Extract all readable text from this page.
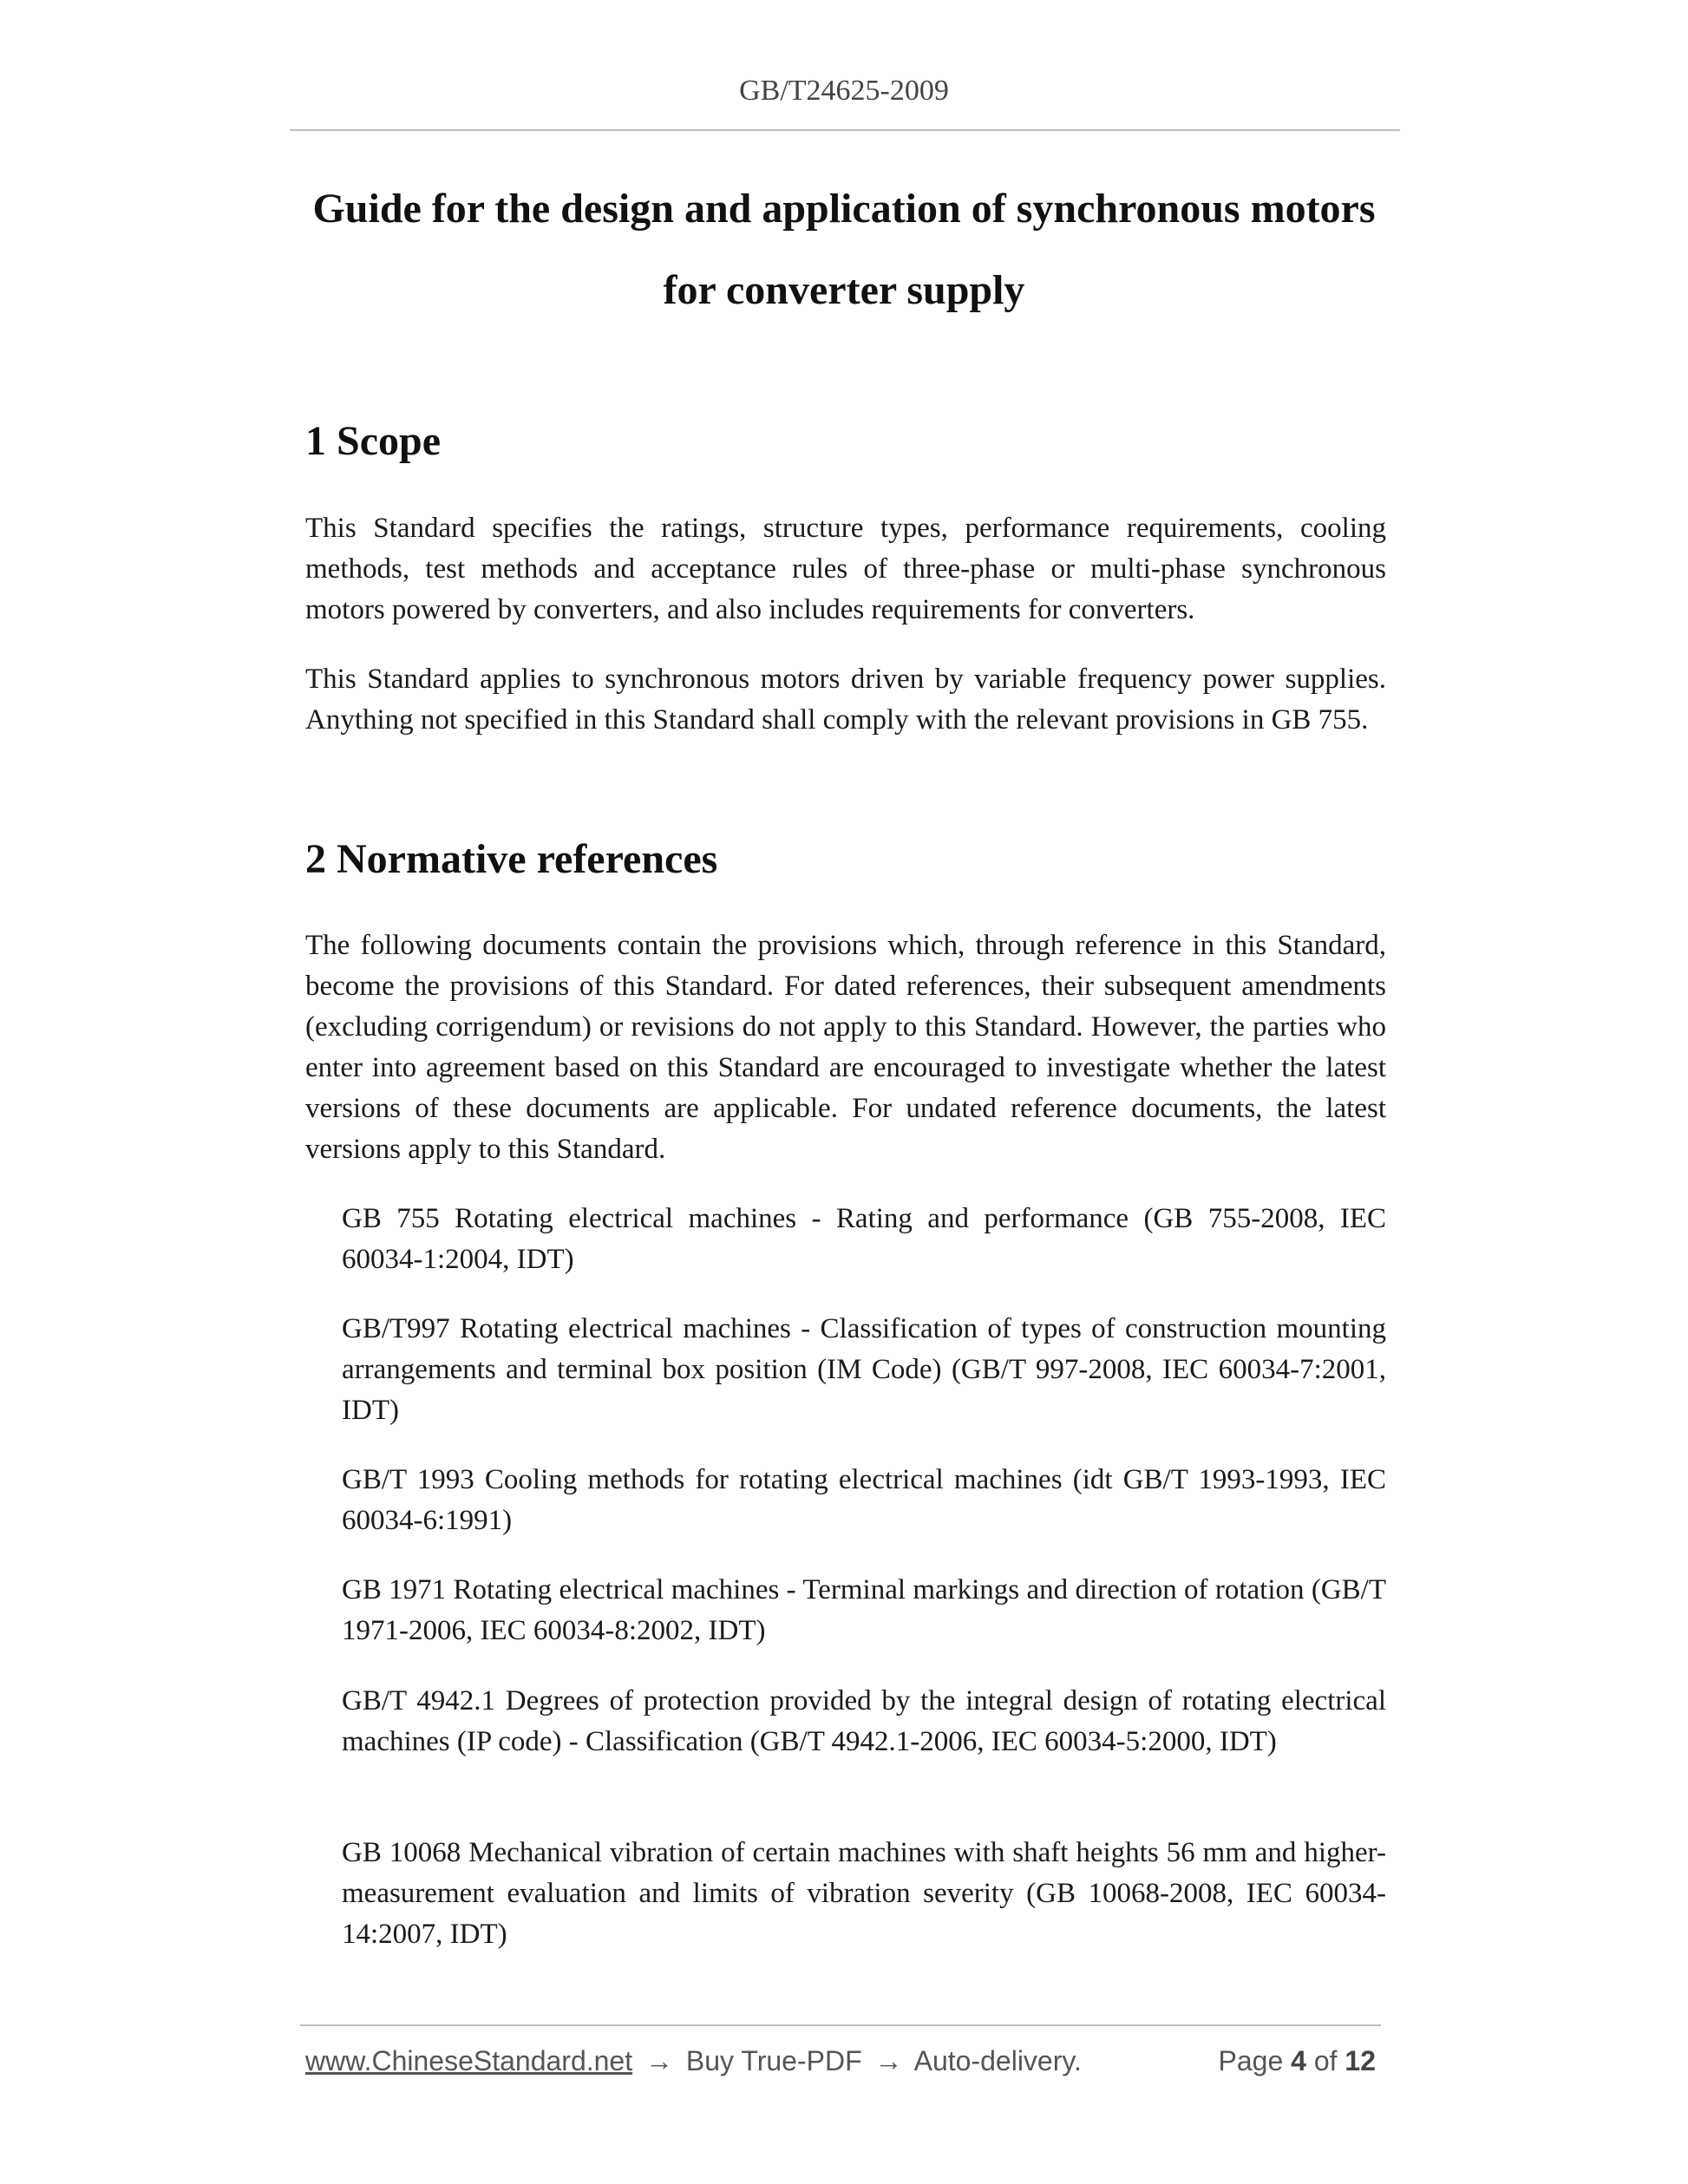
GB/T24625-2009
Guide for the design and application of synchronous motors
for converter supply
1 Scope
This Standard specifies the ratings, structure types, performance requirements, cooling methods, test methods and acceptance rules of three-phase or multi-phase synchronous motors powered by converters, and also includes requirements for converters.
This Standard applies to synchronous motors driven by variable frequency power supplies. Anything not specified in this Standard shall comply with the relevant provisions in GB 755.
2 Normative references
The following documents contain the provisions which, through reference in this Standard, become the provisions of this Standard. For dated references, their subsequent amendments (excluding corrigendum) or revisions do not apply to this Standard. However, the parties who enter into agreement based on this Standard are encouraged to investigate whether the latest versions of these documents are applicable. For undated reference documents, the latest versions apply to this Standard.
GB 755 Rotating electrical machines - Rating and performance (GB 755-2008, IEC 60034-1:2004, IDT)
GB/T997 Rotating electrical machines - Classification of types of construction mounting arrangements and terminal box position (IM Code) (GB/T 997-2008, IEC 60034-7:2001, IDT)
GB/T 1993 Cooling methods for rotating electrical machines (idt GB/T 1993-1993, IEC 60034-6:1991)
GB 1971 Rotating electrical machines - Terminal markings and direction of rotation (GB/T 1971-2006, IEC 60034-8:2002, IDT)
GB/T 4942.1 Degrees of protection provided by the integral design of rotating electrical machines (IP code) - Classification (GB/T 4942.1-2006, IEC 60034-5:2000, IDT)
GB 10068 Mechanical vibration of certain machines with shaft heights 56 mm and higher-measurement evaluation and limits of vibration severity (GB 10068-2008, IEC 60034-14:2007, IDT)
www.ChineseStandard.net → Buy True-PDF → Auto-delivery.	Page 4 of 12
